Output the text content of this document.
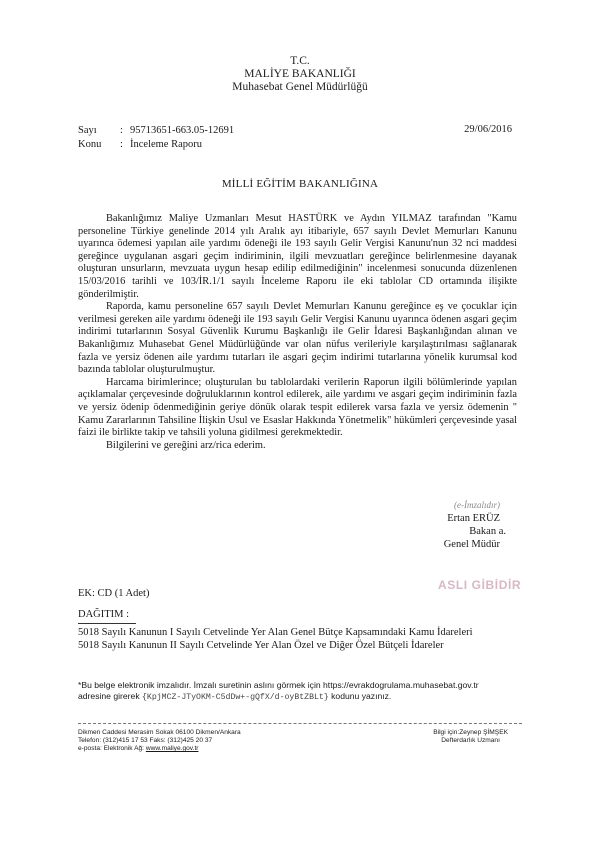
T.C.
MALİYE BAKANLIĞI
Muhasebat Genel Müdürlüğü
Sayı : 95713651-663.05-12691
Konu : İnceleme Raporu
29/06/2016
MİLLİ EĞİTİM BAKANLIĞINA

Bakanlığımız Maliye Uzmanları Mesut HASTÜRK ve Aydın YILMAZ tarafından "Kamu personeline Türkiye genelinde 2014 yılı Aralık ayı itibariyle, 657 sayılı Devlet Memurları Kanunu uyarınca ödemesi yapılan aile yardımı ödeneği ile 193 sayılı Gelir Vergisi Kanunu'nun 32 nci maddesi gereğince uygulanan asgari geçim indiriminin, ilgili mevzuatları gereğince belirlenmesine dayanak oluşturan unsurların, mevzuata uygun hesap edilip edilmediğinin" incelenmesi sonucunda düzenlenen 15/03/2016 tarihli ve 103/İR.1/1 sayılı İnceleme Raporu ile eki tablolar CD ortamında ilişikte gönderilmiştir.

Raporda, kamu personeline 657 sayılı Devlet Memurları Kanunu gereğince eş ve çocuklar için verilmesi gereken aile yardımı ödeneği ile 193 sayılı Gelir Vergisi Kanunu uyarınca ödenen asgari geçim indirimi tutarlarının Sosyal Güvenlik Kurumu Başkanlığı ile Gelir İdaresi Başkanlığından alınan ve Bakanlığımız Muhasebat Genel Müdürlüğünde var olan nüfus verileriyle karşılaştırılması sağlanarak fazla ve yersiz ödenen aile yardımı tutarları ile asgari geçim indirimi tutarlarına yönelik kurumsal kod bazında tablolar oluşturulmuştur.

Harcama birimlerince; oluşturulan bu tablolardaki verilerin Raporun ilgili bölümlerinde yapılan açıklamalar çerçevesinde doğruluklarının kontrol edilerek, aile yardımı ve asgari geçim indiriminin fazla ve yersiz ödenip ödenmediğinin geriye dönük olarak tespit edilerek varsa fazla ve yersiz ödemenin " Kamu Zararlarının Tahsiline İlişkin Usul ve Esaslar Hakkında Yönetmelik" hükümleri çerçevesinde yasal faizi ile birlikte takip ve tahsili yoluna gidilmesi gerekmektedir.

Bilgilerini ve gereğini arz/rica ederim.

(e-İmzalıdır)
Ertan ERÜZ
Bakan a.
Genel Müdür
ASLI GİBİDİR
EK: CD (1 Adet)
DAĞITIM :
5018 Sayılı Kanunun I Sayılı Cetvelinde Yer Alan Genel Bütçe Kapsamındaki Kamu İdareleri
5018 Sayılı Kanunun II Sayılı Cetvelinde Yer Alan Özel ve Diğer Özel Bütçeli İdareler
*Bu belge elektronik imzalıdır. İmzalı suretinin aslını görmek için https://evrakdogrulama.muhasebat.gov.tr
adresine girerek {KpjMCZ-JTyOKM-C5dDw+-gQfX/d-oyBtZBLt} kodunu yazınız.
Dikmen Caddesi Merasim Sokak 06100 Dikmen/Ankara
Telefon: (312)415 17 53 Faks: (312)425 20 37
e-posta: Elektronik Ağ: www.maliye.gov.tr
Bilgi için:Zeynep ŞİMŞEK
Defterdarlık Uzmanı
